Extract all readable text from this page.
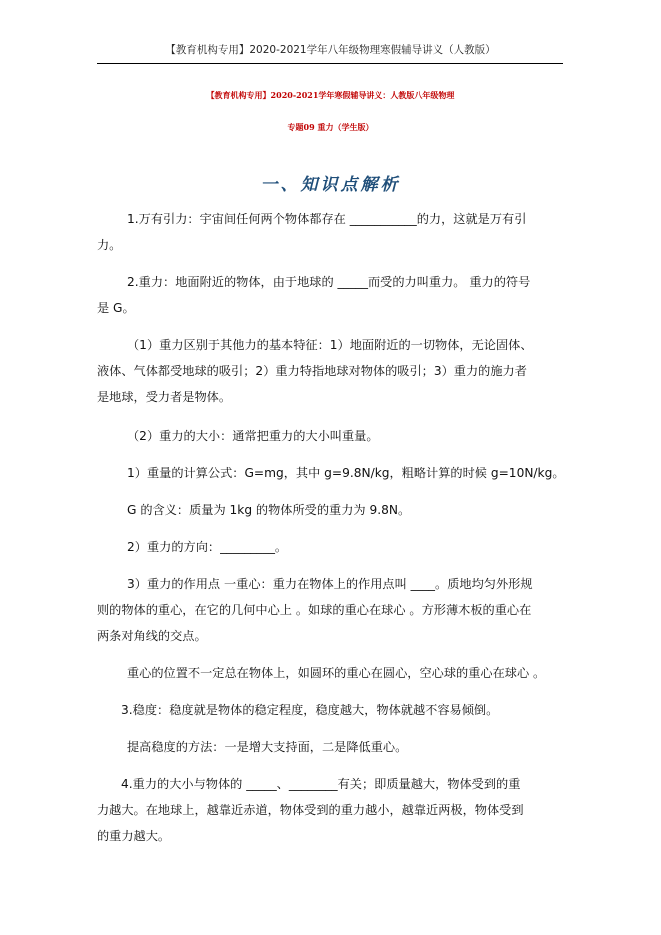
【教育机构专用】2020-2021学年八年级物理寒假辅导讲义（人教版）
【教育机构专用】2020-2021学年寒假辅导讲义：人教版八年级物理
专题09 重力（学生版）
一、知识点解析
1.万有引力：宇宙间任何两个物体都存在 ___________的力，这就是万有引
力。
2.重力：地面附近的物体，由于地球的 _____而受的力叫重力。 重力的符号
是 G。
（1）重力区别于其他力的基本特征：1）地面附近的一切物体，无论固体、
液体、气体都受地球的吸引；2）重力特指地球对物体的吸引；3）重力的施力者
是地球，受力者是物体。
（2）重力的大小：通常把重力的大小叫重量。
1）重量的计算公式：G=mg，其中 g=9.8N/kg，粗略计算的时候 g=10N/kg。
G 的含义：质量为 1kg 的物体所受的重力为 9.8N。
2）重力的方向：_________。
3）重力的作用点 一重心：重力在物体上的作用点叫 ____。质地均匀外形规
则的物体的重心，在它的几何中心上 。如球的重心在球心 。方形薄木板的重心在
两条对角线的交点。
重心的位置不一定总在物体上，如圆环的重心在圆心，空心球的重心在球心 。
3.稳度：稳度就是物体的稳定程度，稳度越大，物体就越不容易倾倒。
提高稳度的方法：一是增大支持面，二是降低重心。
4.重力的大小与物体的 _____、________有关；即质量越大，物体受到的重
力越大。在地球上，越靠近赤道，物体受到的重力越小，越靠近两极，物体受到
的重力越大。
